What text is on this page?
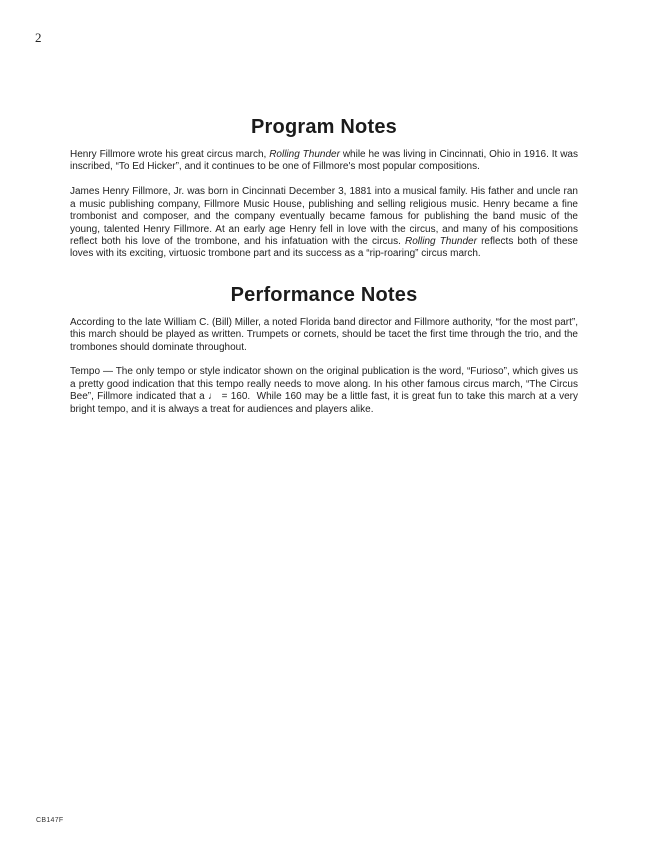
2
Program Notes

Henry Fillmore wrote his great circus march, Rolling Thunder while he was living in Cincinnati, Ohio in 1916. It was inscribed, “To Ed Hicker”, and it continues to be one of Fillmore's most popular compositions.

James Henry Fillmore, Jr. was born in Cincinnati December 3, 1881 into a musical family. His father and uncle ran a music publishing company, Fillmore Music House, publishing and selling religious music. Henry became a fine trombonist and composer, and the company eventually became famous for publishing the band music of the young, talented Henry Fillmore. At an early age Henry fell in love with the circus, and many of his compositions reflect both his love of the trombone, and his infatuation with the circus. Rolling Thunder reflects both of these loves with its exciting, virtuosic trombone part and its success as a “rip-roaring” circus march.

Performance Notes

According to the late William C. (Bill) Miller, a noted Florida band director and Fillmore authority, “for the most part”, this march should be played as written. Trumpets or cornets, should be tacet the first time through the trio, and the trombones should dominate throughout.

Tempo — The only tempo or style indicator shown on the original publication is the word, “Furioso”, which gives us a pretty good indication that this tempo really needs to move along. In his other famous circus march, “The Circus Bee”, Fillmore indicated that a ♩ = 160.  While 160 may be a little fast, it is great fun to take this march at a very bright tempo, and it is always a treat for audiences and players alike.

CB147F
